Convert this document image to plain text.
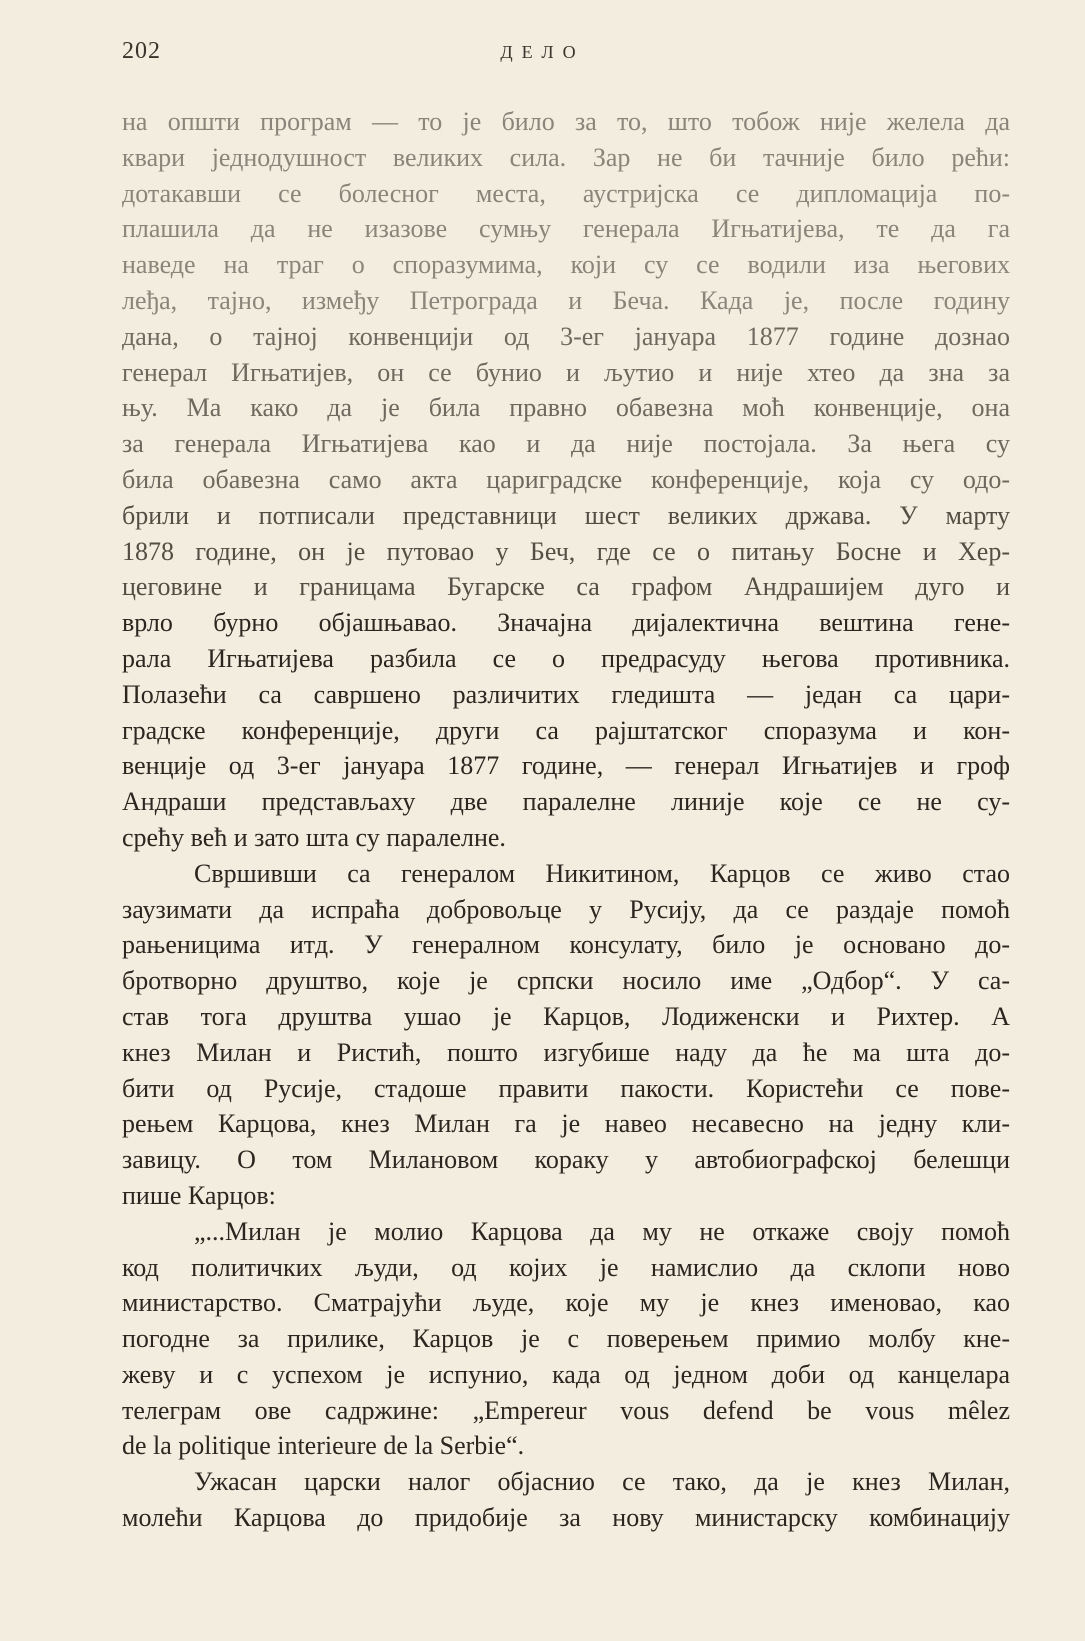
202	ДЕЛО
на општи програм — то је било за то, што тобож није желела да
квари једнодушност великих сила. Зар не би тачније било рећи:
дотакавши се болесног места, аустријска се дипломација по-
плашила да не изазове сумњу генерала Игњатијева, те да га
наведе на траг о споразумима, који су се водили иза његових
леђа, тајно, између Петрограда и Беча. Када је, после годину
дана, о тајној конвенцији од 3-ег јануара 1877 године дознао
генерал Игњатијев, он се бунио и љутио и није хтео да зна за
њу. Ма како да је била правно обавезна моћ конвенције, она
за генерала Игњатијева као и да није постојала. За њега су
била обавезна само акта цариградске конференције, која су одо-
брили и потписали представници шест великих држава. У марту
1878 године, он је путовао у Беч, где се о питању Босне и Хер-
цеговине и границама Бугарске са графом Андрашијем дуго и
врло бурно објашњавао. Значајна дијалектична вештина гене-
рала Игњатијева разбила се о предрасуду његова противника.
Полазећи са савршено различитих гледишта — један са цари-
градске конференције, други са рајштатског споразума и кон-
венције од 3-ег јануара 1877 године, — генерал Игњатијев и гроф
Андраши представљаху две паралелне линије које се не су-
срећу већ и зато шта су паралелне.
Свршивши са генералом Никитином, Карцов се живо стао
заузимати да испраћа добровољце у Русију, да се раздаје помоћ
рањеницима итд. У генералном консулату, било је основано до-
бротворно друштво, које је српски носило име „Одбор“. У са-
став тога друштва ушао је Карцов, Лодиженски и Рихтер. А
кнез Милан и Ристић, пошто изгубише наду да ће ма шта до-
бити од Русије, стадоше правити пакости. Користећи се пове-
рењем Карцова, кнез Милан га је навео несавесно на једну кли-
завицу. О том Милановом кораку у автобиографској белешци
пише Карцов:
„...Милан је молио Карцова да му не откаже своју помоћ
код политичких људи, од којих је намислио да склопи ново
министарство. Сматрајући људе, које му је кнез именовао, као
погодне за прилике, Карцов је с поверењем примио молбу кне-
жеву и с успехом је испунио, када од једном доби од канцелара
телеграм ове садржине: „Empereur vous defend be vous mêlez
de la politique interieure de la Serbie“.
Ужасан царски налог објаснио се тако, да је кнез Милан,
молећи Карцова до придобије за нову министарску комбинацију
